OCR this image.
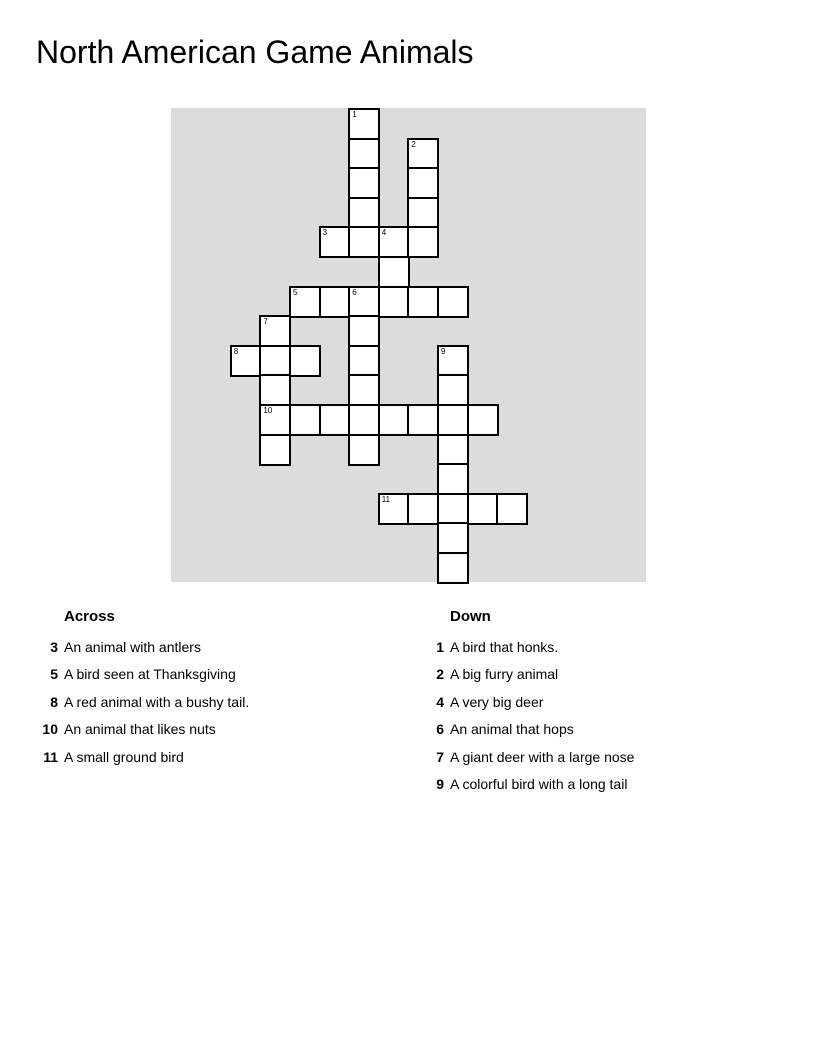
North American Game Animals
1
2
3	4
5	6
7
8	9
10
11
Across
3 An animal with antlers
5 A bird seen at Thanksgiving
8 A red animal with a bushy tail.
10 An animal that likes nuts
11 A small ground bird
Down
1 A bird that honks.
2 A big furry animal
4 A very big deer
6 An animal that hops
7 A giant deer with a large nose
9 A colorful bird with a long tail
